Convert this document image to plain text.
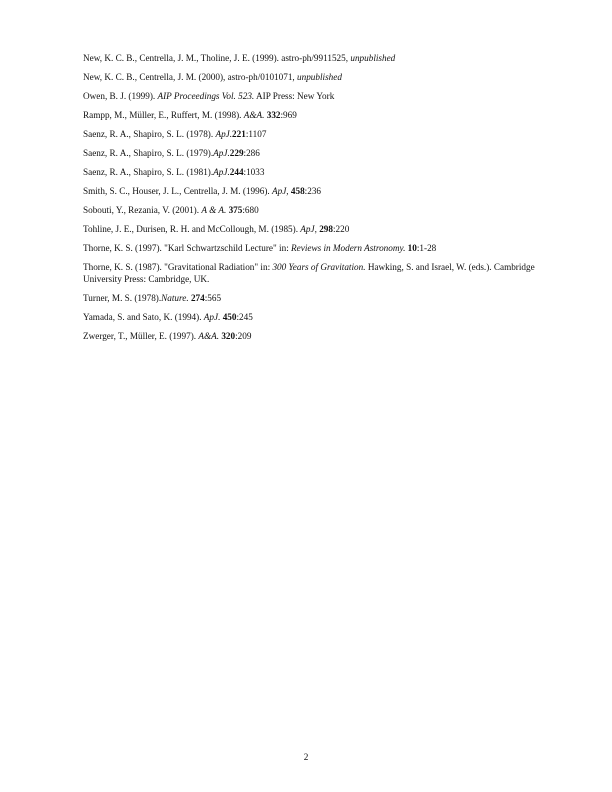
New, K. C. B., Centrella, J. M., Tholine, J. E. (1999). astro-ph/9911525, unpublished
New, K. C. B., Centrella, J. M. (2000), astro-ph/0101071, unpublished
Owen, B. J. (1999). AIP Proceedings Vol. 523. AIP Press: New York
Rampp, M., Müller, E., Ruffert, M. (1998). A&A. 332:969
Saenz, R. A., Shapiro, S. L. (1978). ApJ.221:1107
Saenz, R. A., Shapiro, S. L. (1979).ApJ.229:286
Saenz, R. A., Shapiro, S. L. (1981).ApJ.244:1033
Smith, S. C., Houser, J. L., Centrella, J. M. (1996). ApJ, 458:236
Sobouti, Y., Rezania, V. (2001). A & A. 375:680
Tohline, J. E., Durisen, R. H. and McCollough, M. (1985). ApJ, 298:220
Thorne, K. S. (1997). "Karl Schwartzschild Lecture" in: Reviews in Modern Astronomy. 10:1-28
Thorne, K. S. (1987). "Gravitational Radiation" in: 300 Years of Gravitation. Hawking, S. and Israel, W. (eds.). Cambridge University Press: Cambridge, UK.
Turner, M. S. (1978).Nature. 274:565
Yamada, S. and Sato, K. (1994). ApJ. 450:245
Zwerger, T., Müller, E. (1997). A&A. 320:209
2
